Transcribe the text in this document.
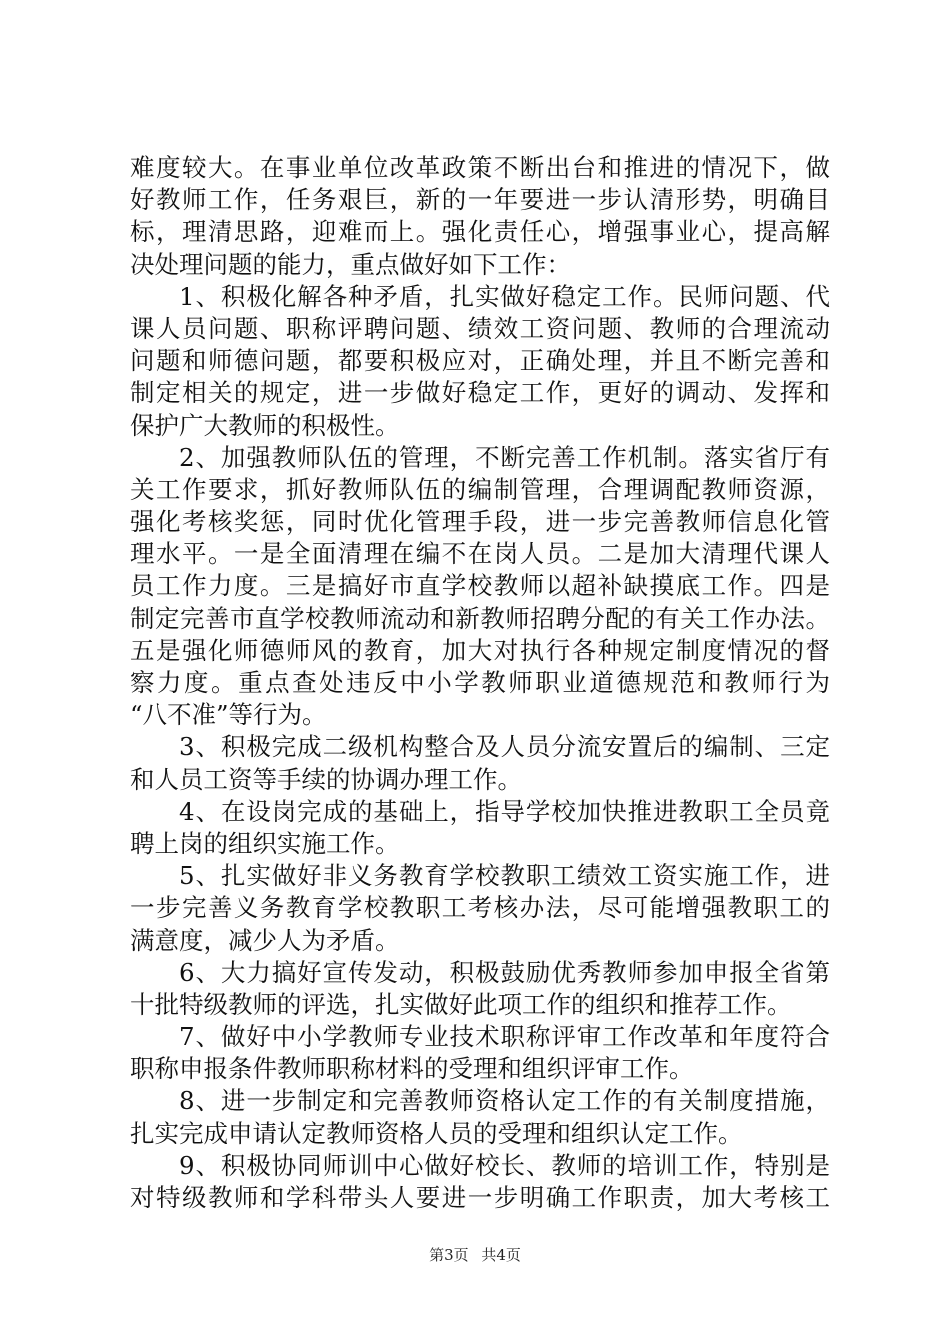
难度较大。在事业单位改革政策不断出台和推进的情况下，做
好教师工作，任务艰巨，新的一年要进一步认清形势，明确目
标，理清思路，迎难而上。强化责任心，增强事业心，提高解
决处理问题的能力，重点做好如下工作：
1、积极化解各种矛盾，扎实做好稳定工作。民师问题、代
课人员问题、职称评聘问题、绩效工资问题、教师的合理流动
问题和师德问题，都要积极应对，正确处理，并且不断完善和
制定相关的规定，进一步做好稳定工作，更好的调动、发挥和
保护广大教师的积极性。
2、加强教师队伍的管理，不断完善工作机制。落实省厅有
关工作要求，抓好教师队伍的编制管理，合理调配教师资源，
强化考核奖惩，同时优化管理手段，进一步完善教师信息化管
理水平。一是全面清理在编不在岗人员。二是加大清理代课人
员工作力度。三是搞好市直学校教师以超补缺摸底工作。四是
制定完善市直学校教师流动和新教师招聘分配的有关工作办法。
五是强化师德师风的教育，加大对执行各种规定制度情况的督
察力度。重点查处违反中小学教师职业道德规范和教师行为
“八不准”等行为。
3、积极完成二级机构整合及人员分流安置后的编制、三定
和人员工资等手续的协调办理工作。
4、在设岗完成的基础上，指导学校加快推进教职工全员竟
聘上岗的组织实施工作。
5、扎实做好非义务教育学校教职工绩效工资实施工作，进
一步完善义务教育学校教职工考核办法，尽可能增强教职工的
满意度，减少人为矛盾。
6、大力搞好宣传发动，积极鼓励优秀教师参加申报全省第
十批特级教师的评选，扎实做好此项工作的组织和推荐工作。
7、做好中小学教师专业技术职称评审工作改革和年度符合
职称申报条件教师职称材料的受理和组织评审工作。
8、进一步制定和完善教师资格认定工作的有关制度措施，
扎实完成申请认定教师资格人员的受理和组织认定工作。
9、积极协同师训中心做好校长、教师的培训工作，特别是
对特级教师和学科带头人要进一步明确工作职责，加大考核工
第3页 共4页
